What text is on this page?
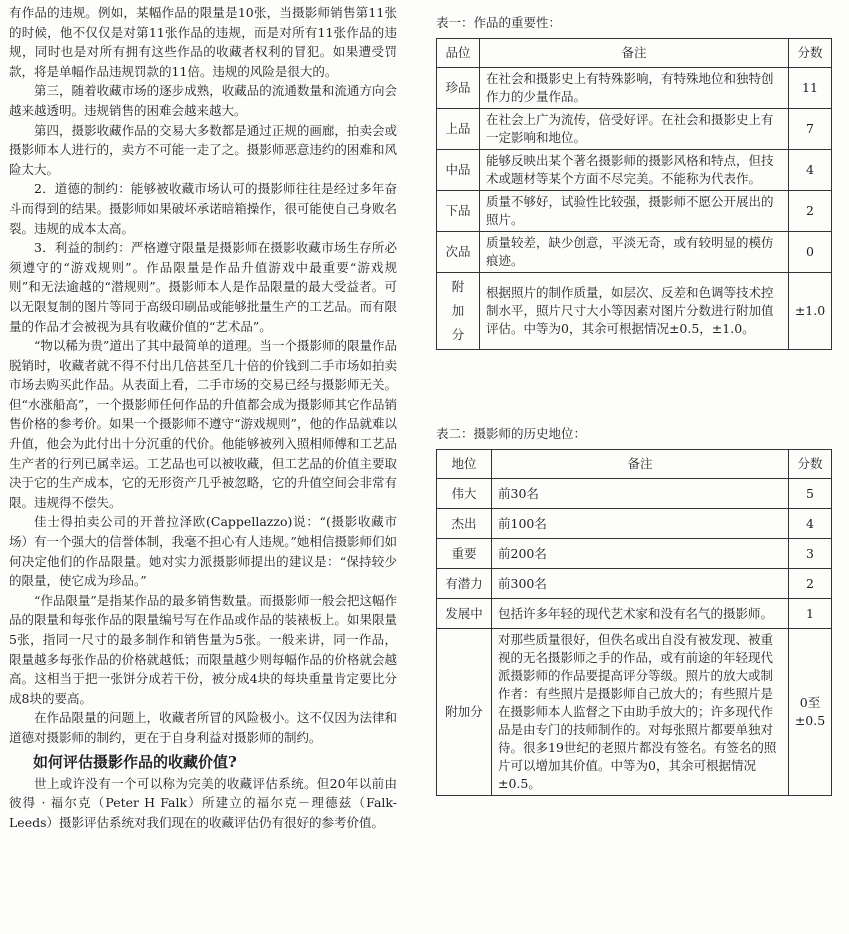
有作品的违规。例如，某幅作品的限量是10张，当摄影师销售第11张的时候，他不仅仅是对第11张作品的违规，而是对所有11张作品的违规，同时也是对所有拥有这些作品的收藏者权利的冒犯。如果遭受罚款，将是单幅作品违规罚款的11倍。违规的风险是很大的。

第三，随着收藏市场的逐步成熟，收藏品的流通数量和流通方向会越来越透明。违规销售的困难会越来越大。

第四，摄影收藏作品的交易大多数都是通过正规的画廊，拍卖会或摄影师本人进行的，卖方不可能一走了之。摄影师恶意违约的困难和风险太大。

2．道德的制约：能够被收藏市场认可的摄影师往往是经过多年奋斗而得到的结果。摄影师如果破坏承诺暗箱操作，很可能使自己身败名裂。违规的成本太高。

3．利益的制约：严格遵守限量是摄影师在摄影收藏市场生存所必须遵守的“游戏规则”。作品限量是作品升值游戏中最重要“游戏规则”和无法逾越的“潜规则”。摄影师本人是作品限量的最大受益者。可以无限复制的图片等同于高级印刷品或能够批量生产的工艺品。而有限量的作品才会被视为具有收藏价值的“艺术品”。

“物以稀为贵”道出了其中最简单的道理。当一个摄影师的限量作品脱销时，收藏者就不得不付出几倍甚至几十倍的价钱到二手市场如拍卖市场去购买此作品。从表面上看，二手市场的交易已经与摄影师无关。但“水涨船高”，一个摄影师任何作品的升值都会成为摄影师其它作品销售价格的参考价。如果一个摄影师不遵守“游戏规则”，他的作品就难以升值，他会为此付出十分沉重的代价。他能够被列入照相师傅和工艺品生产者的行列已属幸运。工艺品也可以被收藏，但工艺品的价值主要取决于它的生产成本，它的无形资产几乎被忽略，它的升值空间会非常有限。违规得不偿失。

佳士得拍卖公司的开普拉泽欧(Cappellazzo)说：“(摄影收藏市场）有一个强大的信誉体制，我毫不担心有人违规。”她相信摄影师们如何决定他们的作品限量。她对实力派摄影师提出的建议是：“保持较少的限量，使它成为珍品。”

“作品限量”是指某作品的最多销售数量。而摄影师一般会把这幅作品的限量和每张作品的限量编号写在作品或作品的装裱板上。如果限量5张，指同一尺寸的最多制作和销售量为5张。一般来讲，同一作品，限量越多每张作品的价格就越低；而限量越少则每幅作品的价格就会越高。这相当于把一张饼分成若干份，被分成4块的每块重量肯定要比分成8块的要高。

在作品限量的问题上，收藏者所冒的风险极小。这不仅因为法律和道德对摄影师的制约，更在于自身利益对摄影师的制约。

如何评估摄影作品的收藏价值?

世上或许没有一个可以称为完美的收藏评估系统。但20年以前由彼得 · 福尔克（Peter H Falk）所建立的福尔克－理德兹（Falk-Leeds）摄影评估系统对我们现在的收藏评估仍有很好的参考价值。

表一：作品的重要性：
品位	备注	分数
珍品	在社会和摄影史上有特殊影响，有特殊地位和独特创作力的少量作品。	11
上品	在社会上广为流传，倍受好评。在社会和摄影史上有一定影响和地位。	7
中品	能够反映出某个著名摄影师的摄影风格和特点，但技术或题材等某个方面不尽完美。不能称为代表作。	4
下品	质量不够好，试验性比较强，摄影师不愿公开展出的照片。	2
次品	质量较差，缺少创意，平淡无奇，或有较明显的模仿痕迹。	0

附
加
分	根据照片的制作质量，如层次、反差和色调等技术控制水平，照片尺寸大小等因素对图片分数进行附加值评估。中等为0，其余可根据情况±0.5，±1.0。	±1.0
表二：摄影师的历史地位：
地位	备注	分数
伟大	前30名	5
杰出	前100名	4
重要	前200名	3
有潜力	前300名	2
发展中	包括许多年轻的现代艺术家和没有名气的摄影师。	1
附加分	对那些质量很好，但佚名或出自没有被发现、被重视的无名摄影师之手的作品，或有前途的年轻现代派摄影师的作品要提高评分等级。照片的放大或制作者：有些照片是摄影师自己放大的；有些照片是在摄影师本人监督之下由助手放大的；许多现代作品是由专门的技师制作的。对每张照片都要单独对待。很多19世纪的老照片都没有签名。有签名的照片可以增加其价值。中等为0，其余可根据情况±0.5。	0至±0.5
